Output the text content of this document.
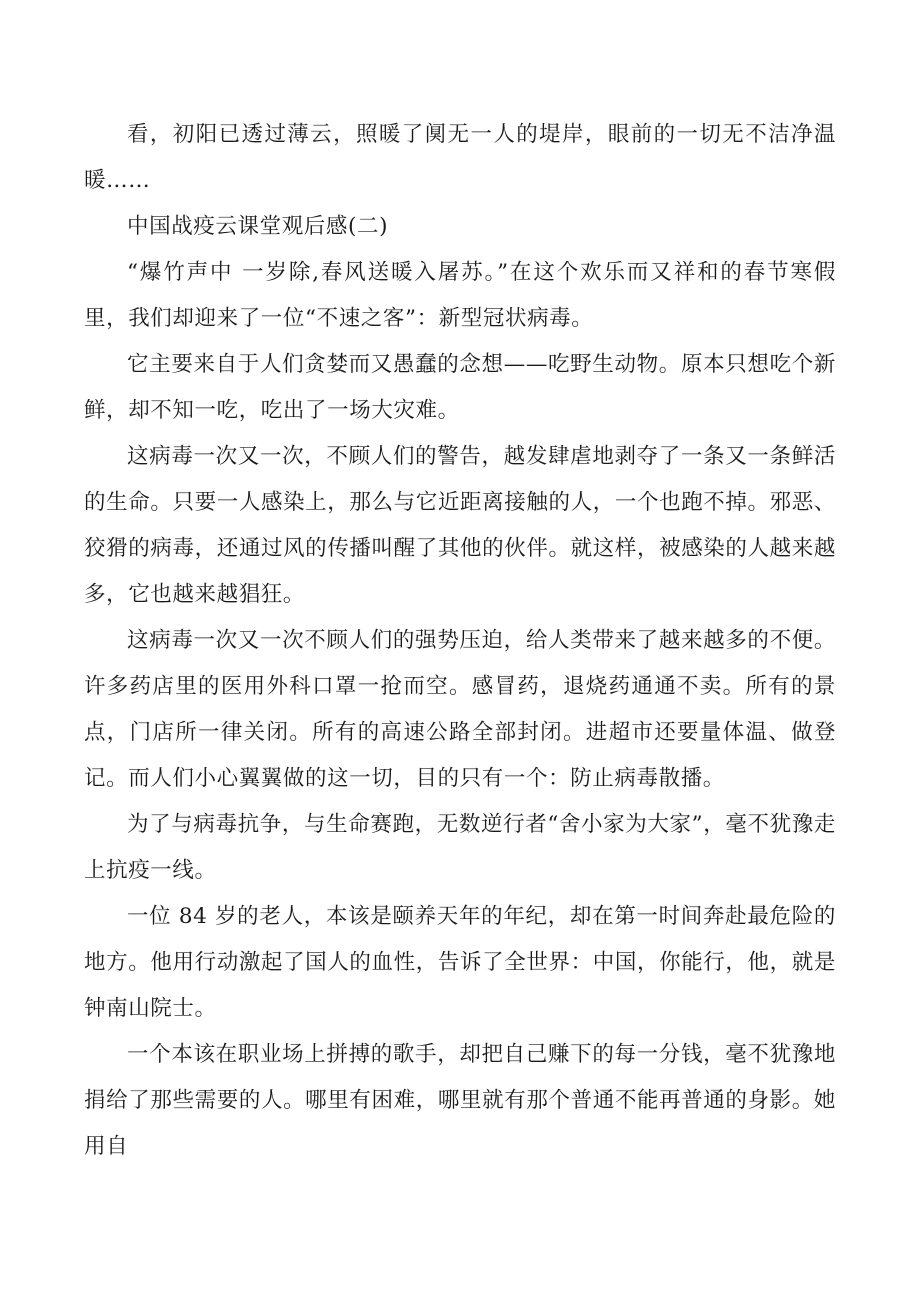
看，初阳已透过薄云，照暖了阒无一人的堤岸，眼前的一切无不洁净温暖……

中国战疫云课堂观后感(二)

“爆竹声中 一岁除,春风送暖入屠苏。”在这个欢乐而又祥和的春节寒假里，我们却迎来了一位“不速之客”：新型冠状病毒。

它主要来自于人们贪婪而又愚蠢的念想——吃野生动物。原本只想吃个新鲜，却不知一吃，吃出了一场大灾难。

这病毒一次又一次，不顾人们的警告，越发肆虐地剥夺了一条又一条鲜活的生命。只要一人感染上，那么与它近距离接触的人，一个也跑不掉。邪恶、狡猾的病毒，还通过风的传播叫醒了其他的伙伴。就这样，被感染的人越来越多，它也越来越猖狂。

这病毒一次又一次不顾人们的强势压迫，给人类带来了越来越多的不便。许多药店里的医用外科口罩一抢而空。感冒药，退烧药通通不卖。所有的景点，门店所一律关闭。所有的高速公路全部封闭。进超市还要量体温、做登记。而人们小心翼翼做的这一切，目的只有一个：防止病毒散播。

为了与病毒抗争，与生命赛跑，无数逆行者“舍小家为大家”，毫不犹豫走上抗疫一线。

一位 84 岁的老人，本该是颐养天年的年纪，却在第一时间奔赴最危险的地方。他用行动激起了国人的血性，告诉了全世界：中国，你能行，他，就是钟南山院士。

一个本该在职业场上拼搏的歌手，却把自己赚下的每一分钱，毫不犹豫地捐给了那些需要的人。哪里有困难，哪里就有那个普通不能再普通的身影。她用自
